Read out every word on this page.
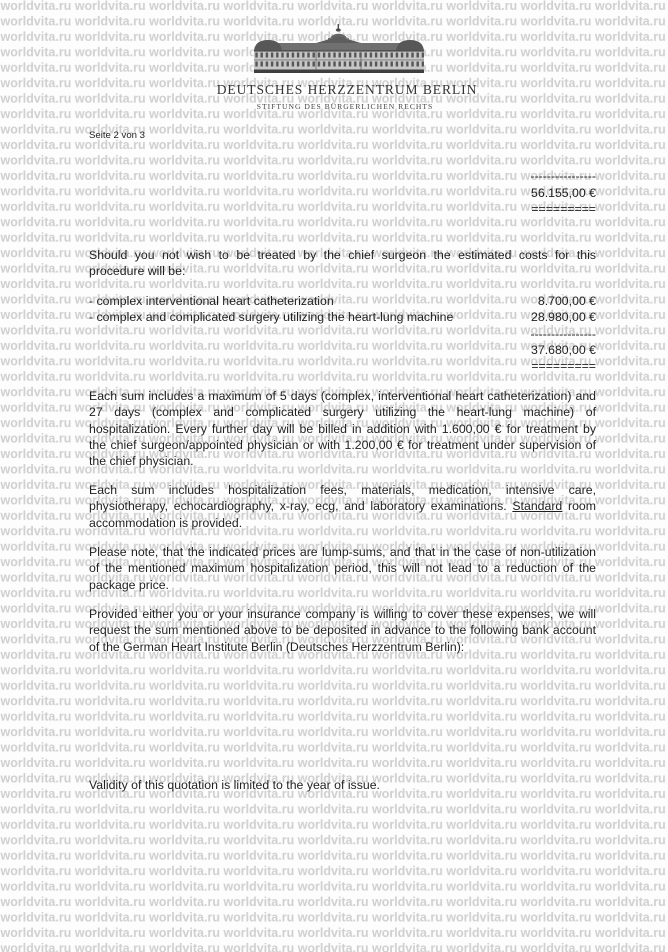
DEUTSCHES HERZZENTRUM BERLIN
STIFTUNG DES BÜRGERLICHEN RECHTS
Seite 2 von 3
----------------
56.155,00 €
=========
Should you not wish to be treated by the chief surgeon the estimated costs for this
procedure will be:
- complex interventional heart catheterization	8.700,00 €
- complex and complicated surgery utilizing the heart-lung machine	28.980,00 €
----------------
37.680,00 €
=========
Each sum includes a maximum of 5 days (complex, interventional heart catheterization) and
27 days (complex and complicated surgery utilizing the heart-lung machine) of
hospitalization. Every further day will be billed in addition with 1.600,00 € for treatment by
the chief surgeon/appointed physician or with 1.200,00 € for treatment under supervision of
the chief physician.
Each sum includes hospitalization fees, materials, medication, intensive care,
physiotherapy, echocardiography, x-ray, ecg, and laboratory examinations. Standard room
accommodation is provided.
Please note, that the indicated prices are lump-sums, and that in the case of non-utilization
of the mentioned maximum hospitalization period, this will not lead to a reduction of the
package price.
Provided either you or your insurance company is willing to cover these expenses, we will
request the sum mentioned above to be deposited in advance to the following bank account
of the German Heart Institute Berlin (Deutsches Herzzentrum Berlin):
Validity of this quotation is limited to the year of issue.
